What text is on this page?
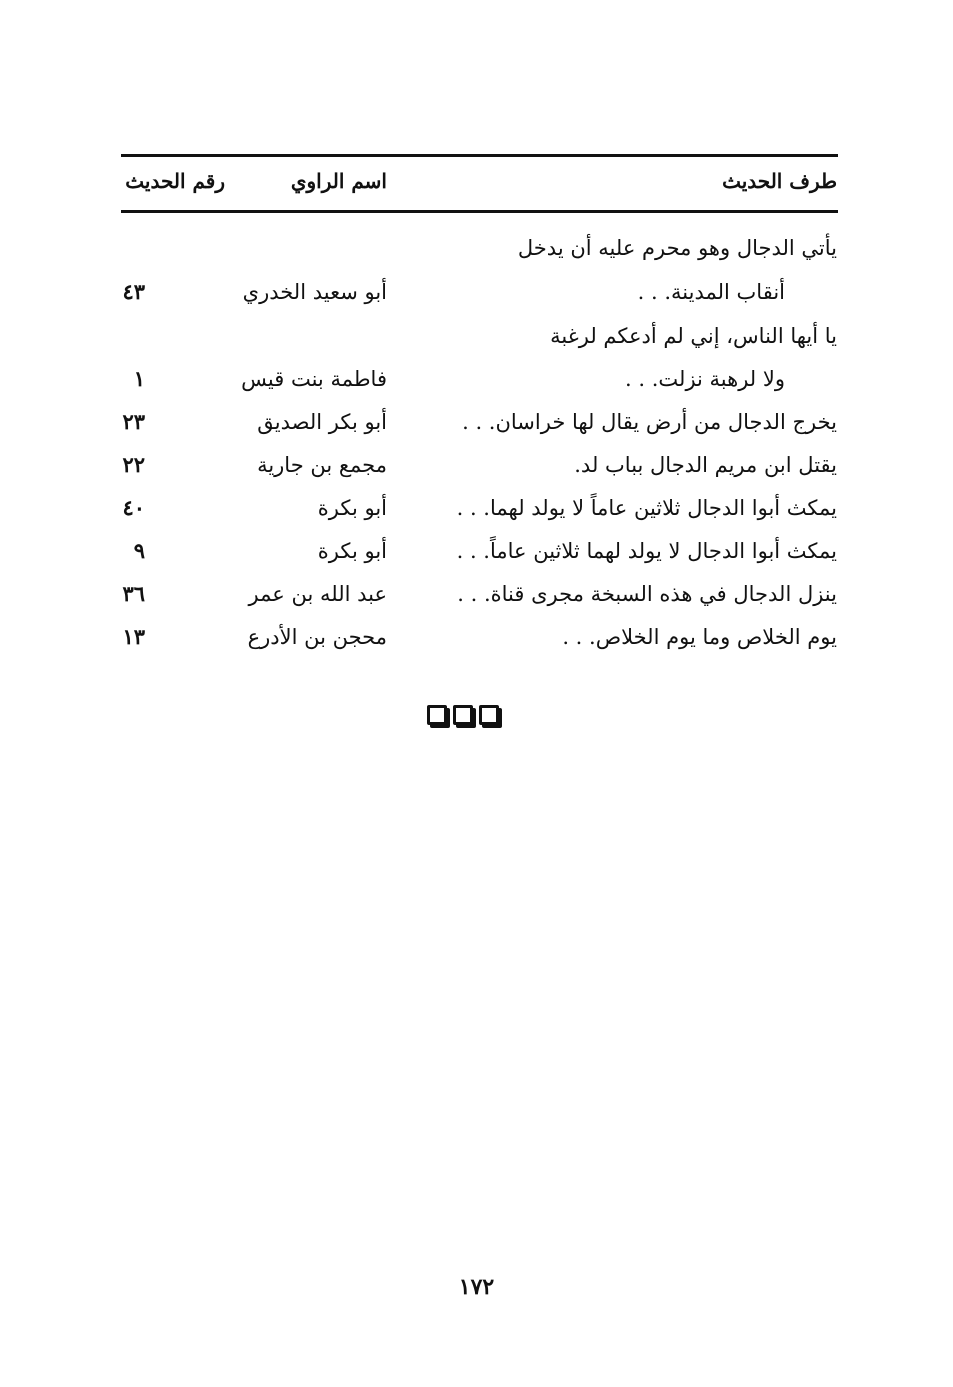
طرف الحديث
اسم الراوي
رقم الحديث
يأتي الدجال وهو محرم عليه أن يدخل
أنقاب المدينة. . .
أبو سعيد الخدري
٤٣
يا أيها الناس، إني لم أدعكم لرغبة
ولا لرهبة نزلت. . .
فاطمة بنت قيس
١
يخرج الدجال من أرض يقال لها خراسان. . .
أبو بكر الصديق
٢٣
يقتل ابن مريم الدجال بباب لد.
مجمع بن جارية
٢٢
يمكث أبوا الدجال ثلاثين عاماً لا يولد لهما. . .
أبو بكرة
٤٠
يمكث أبوا الدجال لا يولد لهما ثلاثين عاماً. . .
أبو بكرة
٩
ينزل الدجال في هذه السبخة مجرى قناة. . .
عبد الله بن عمر
٣٦
يوم الخلاص وما يوم الخلاص. . .
محجن بن الأدرع
١٣
١٧٢
